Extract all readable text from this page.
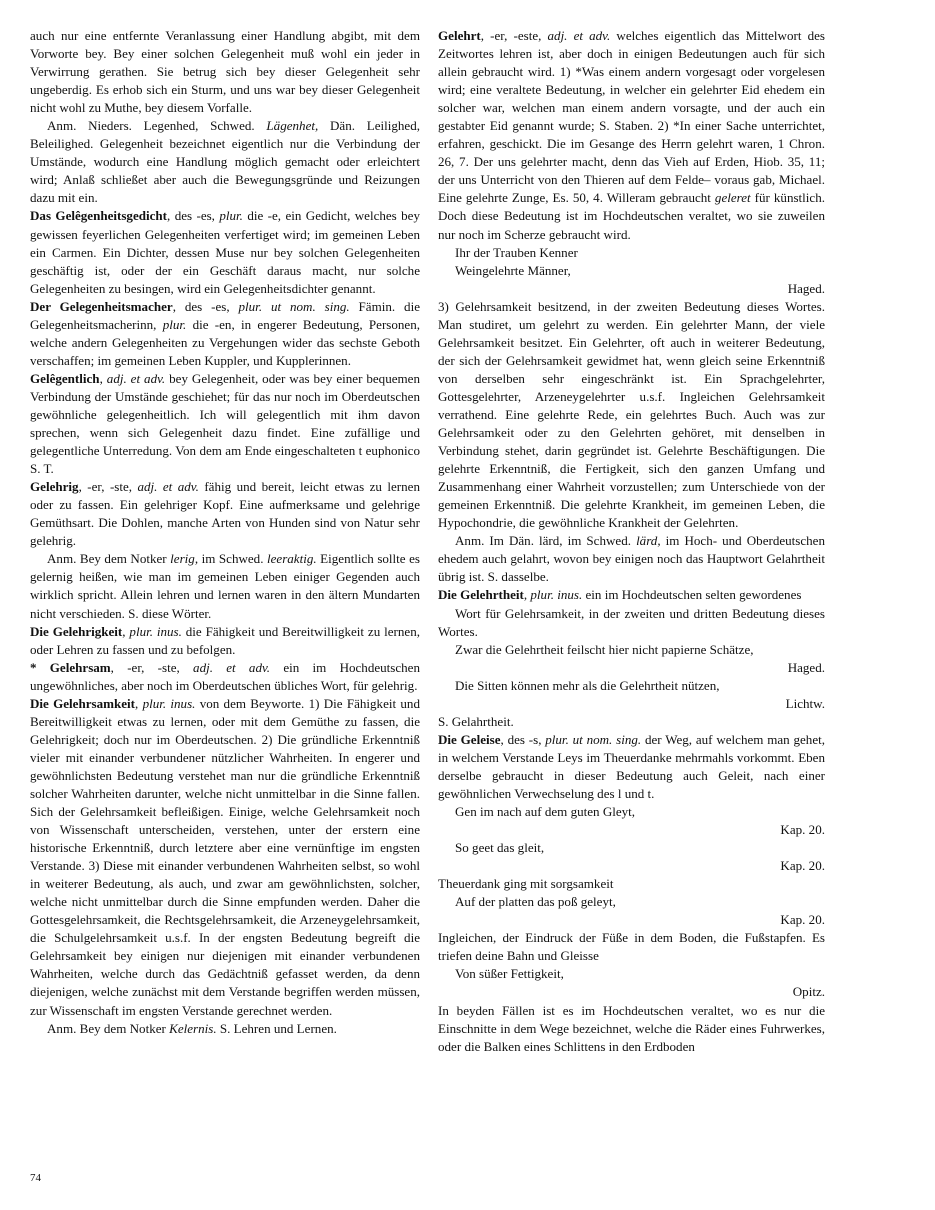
auch nur eine entfernte Veranlassung einer Handlung abgibt, mit dem Vorworte bey. Bey einer solchen Gelegenheit muß wohl ein jeder in Verwirrung gerathen. Sie betrug sich bey dieser Gelegenheit sehr ungeberdig. Es erhob sich ein Sturm, und uns war bey dieser Gelegenheit nicht wohl zu Muthe, bey diesem Vorfalle.

Anm. Nieders. Legenhed, Schwed. Lägenhet, Dän. Leilighed, Beleilighed. Gelegenheit bezeichnet eigentlich nur die Verbindung der Umstände, wodurch eine Handlung möglich gemacht oder erleichtert wird; Anlaß schließet aber auch die Bewegungsgründe und Reizungen dazu mit ein.

Das Gelêgenheitsgedicht, des -es, plur. die -e, ein Gedicht, welches bey gewissen feyerlichen Gelegenheiten verfertiget wird; im gemeinen Leben ein Carmen. Ein Dichter, dessen Muse nur bey solchen Gelegenheiten geschäftig ist, oder der ein Geschäft daraus macht, nur solche Gelegenheiten zu besingen, wird ein Gelegenheitsdichter genannt.

Der Gelegenheitsmacher, des -es, plur. ut nom. sing. Fämin. die Gelegenheitsmacherinn, plur. die -en, in engerer Bedeutung, Personen, welche andern Gelegenheiten zu Vergehungen wider das sechste Geboth verschaffen; im gemeinen Leben Kuppler, und Kupplerinnen.

Gelêgentlich, adj. et adv. bey Gelegenheit, oder was bey einer bequemen Verbindung der Umstände geschiehet; für das nur noch im Oberdeutschen gewöhnliche gelegenheitlich. Ich will gelegentlich mit ihm davon sprechen, wenn sich Gelegenheit dazu findet. Eine zufällige und gelegentliche Unterredung. Von dem am Ende eingeschalteten t euphonico S. T.

Gelehrig, -er, -ste, adj. et adv. fähig und bereit, leicht etwas zu lernen oder zu fassen. Ein gelehriger Kopf. Eine aufmerksame und gelehrige Gemüthsart. Die Dohlen, manche Arten von Hunden sind von Natur sehr gelehrig.

Anm. Bey dem Notker lerig, im Schwed. leeraktig. Eigentlich sollte es gelernig heißen, wie man im gemeinen Leben einiger Gegenden auch wirklich spricht. Allein lehren und lernen waren in den ältern Mundarten nicht verschieden. S. diese Wörter.

Die Gelehrigkeit, plur. inus. die Fähigkeit und Bereitwilligkeit zu lernen, oder Lehren zu fassen und zu befolgen.

* Gelehrsam, -er, -ste, adj. et adv. ein im Hochdeutschen ungewöhnliches, aber noch im Oberdeutschen übliches Wort, für gelehrig.

Die Gelehrsamkeit, plur. inus. von dem Beyworte. 1) Die Fähigkeit und Bereitwilligkeit etwas zu lernen, oder mit dem Gemüthe zu fassen, die Gelehrigkeit; doch nur im Oberdeutschen. 2) Die gründliche Erkenntniß vieler mit einander verbundener nützlicher Wahrheiten. In engerer und gewöhnlichsten Bedeutung verstehet man nur die gründliche Erkenntniß solcher Wahrheiten darunter, welche nicht unmittelbar in die Sinne fallen. Sich der Gelehrsamkeit befleißigen. Einige, welche Gelehrsamkeit noch von Wissenschaft unterscheiden, verstehen, unter der erstern eine historische Erkenntniß, durch letztere aber eine vernünftige im engsten Verstande. 3) Diese mit einander verbundenen Wahrheiten selbst, so wohl in weiterer Bedeutung, als auch, und zwar am gewöhnlichsten, solcher, welche nicht unmittelbar durch die Sinne empfunden werden. Daher die Gottesgelehrsamkeit, die Rechtsgelehrsamkeit, die Arzeneygelehrsamkeit, die Schulgelehrsamkeit u.s.f. In der engsten Bedeutung begreift die Gelehrsamkeit bey einigen nur diejenigen mit einander verbundenen Wahrheiten, welche durch das Gedächtniß gefasset werden, da denn diejenigen, welche zunächst mit dem Verstande begriffen werden müssen, zur Wissenschaft im engsten Verstande gerechnet werden.

Anm. Bey dem Notker Kelernis. S. Lehren und Lernen.

Gelehrt, -er, -este, adj. et adv. welches eigentlich das Mittelwort des Zeitwortes lehren ist, aber doch in einigen Bedeutungen auch für sich allein gebraucht wird. 1) *Was einem andern vorgesagt oder vorgelesen wird; eine veraltete Bedeutung, in welcher ein gelehrter Eid ehedem ein solcher war, welchen man einem andern vorsagte, und der auch ein gestabter Eid genannt wurde; S. Staben. 2) *In einer Sache unterrichtet, erfahren, geschickt. Die im Gesange des Herrn gelehrt waren, 1 Chron. 26, 7. Der uns gelehrter macht, denn das Vieh auf Erden, Hiob. 35, 11; der uns Unterricht von den Thieren auf dem Felde– voraus gab, Michael. Eine gelehrte Zunge, Es. 50, 4. Willeram gebraucht geleret für künstlich. Doch diese Bedeutung ist im Hochdeutschen veraltet, wo sie zuweilen nur noch im Scherze gebraucht wird.

Ihr der Trauben Kenner

Weingelehrte Männer,

Haged.

3) Gelehrsamkeit besitzend, in der zweiten Bedeutung dieses Wortes. Man studiret, um gelehrt zu werden. Ein gelehrter Mann, der viele Gelehrsamkeit besitzet. Ein Gelehrter, oft auch in weiterer Bedeutung, der sich der Gelehrsamkeit gewidmet hat, wenn gleich seine Erkenntniß von derselben sehr eingeschränkt ist. Ein Sprachgelehrter, Gottesgelehrter, Arzeneygelehrter u.s.f. Ingleichen Gelehrsamkeit verrathend. Eine gelehrte Rede, ein gelehrtes Buch. Auch was zur Gelehrsamkeit oder zu den Gelehrten gehöret, mit denselben in Verbindung stehet, darin gegründet ist. Gelehrte Beschäftigungen. Die gelehrte Erkenntniß, die Fertigkeit, sich den ganzen Umfang und Zusammenhang einer Wahrheit vorzustellen; zum Unterschiede von der gemeinen Erkenntniß. Die gelehrte Krankheit, im gemeinen Leben, die Hypochondrie, die gewöhnliche Krankheit der Gelehrten.

Anm. Im Dän. lärd, im Schwed. lärd, im Hoch- und Oberdeutschen ehedem auch gelahrt, wovon bey einigen noch das Hauptwort Gelahrtheit übrig ist. S. dasselbe.

Die Gelehrtheit, plur. inus. ein im Hochdeutschen selten gewordenes

Wort für Gelehrsamkeit, in der zweiten und dritten Bedeutung dieses Wortes.

Zwar die Gelehrtheit feilscht hier nicht papierne Schätze,

Haged.

Die Sitten können mehr als die Gelehrtheit nützen,

Lichtw.

S. Gelahrtheit.

Die Geleise, des -s, plur. ut nom. sing. der Weg, auf welchem man gehet, in welchem Verstande Leys im Theuerdanke mehrmahls vorkommt. Eben derselbe gebraucht in dieser Bedeutung auch Geleit, nach einer gewöhnlichen Verwechselung des l und t.

Gen im nach auf dem guten Gleyt,

Kap. 20.

So geet das gleit,

Kap. 20.

Theuerdank ging mit sorgsamkeit

Auf der platten das poß geleyt,

Kap. 20.

Ingleichen, der Eindruck der Füße in dem Boden, die Fußstapfen. Es triefen deine Bahn und Gleisse

Von süßer Fettigkeit,

Opitz.

In beyden Fällen ist es im Hochdeutschen veraltet, wo es nur die Einschnitte in dem Wege bezeichnet, welche die Räder eines Fuhrwerkes, oder die Balken eines Schlittens in den Erdboden

74
